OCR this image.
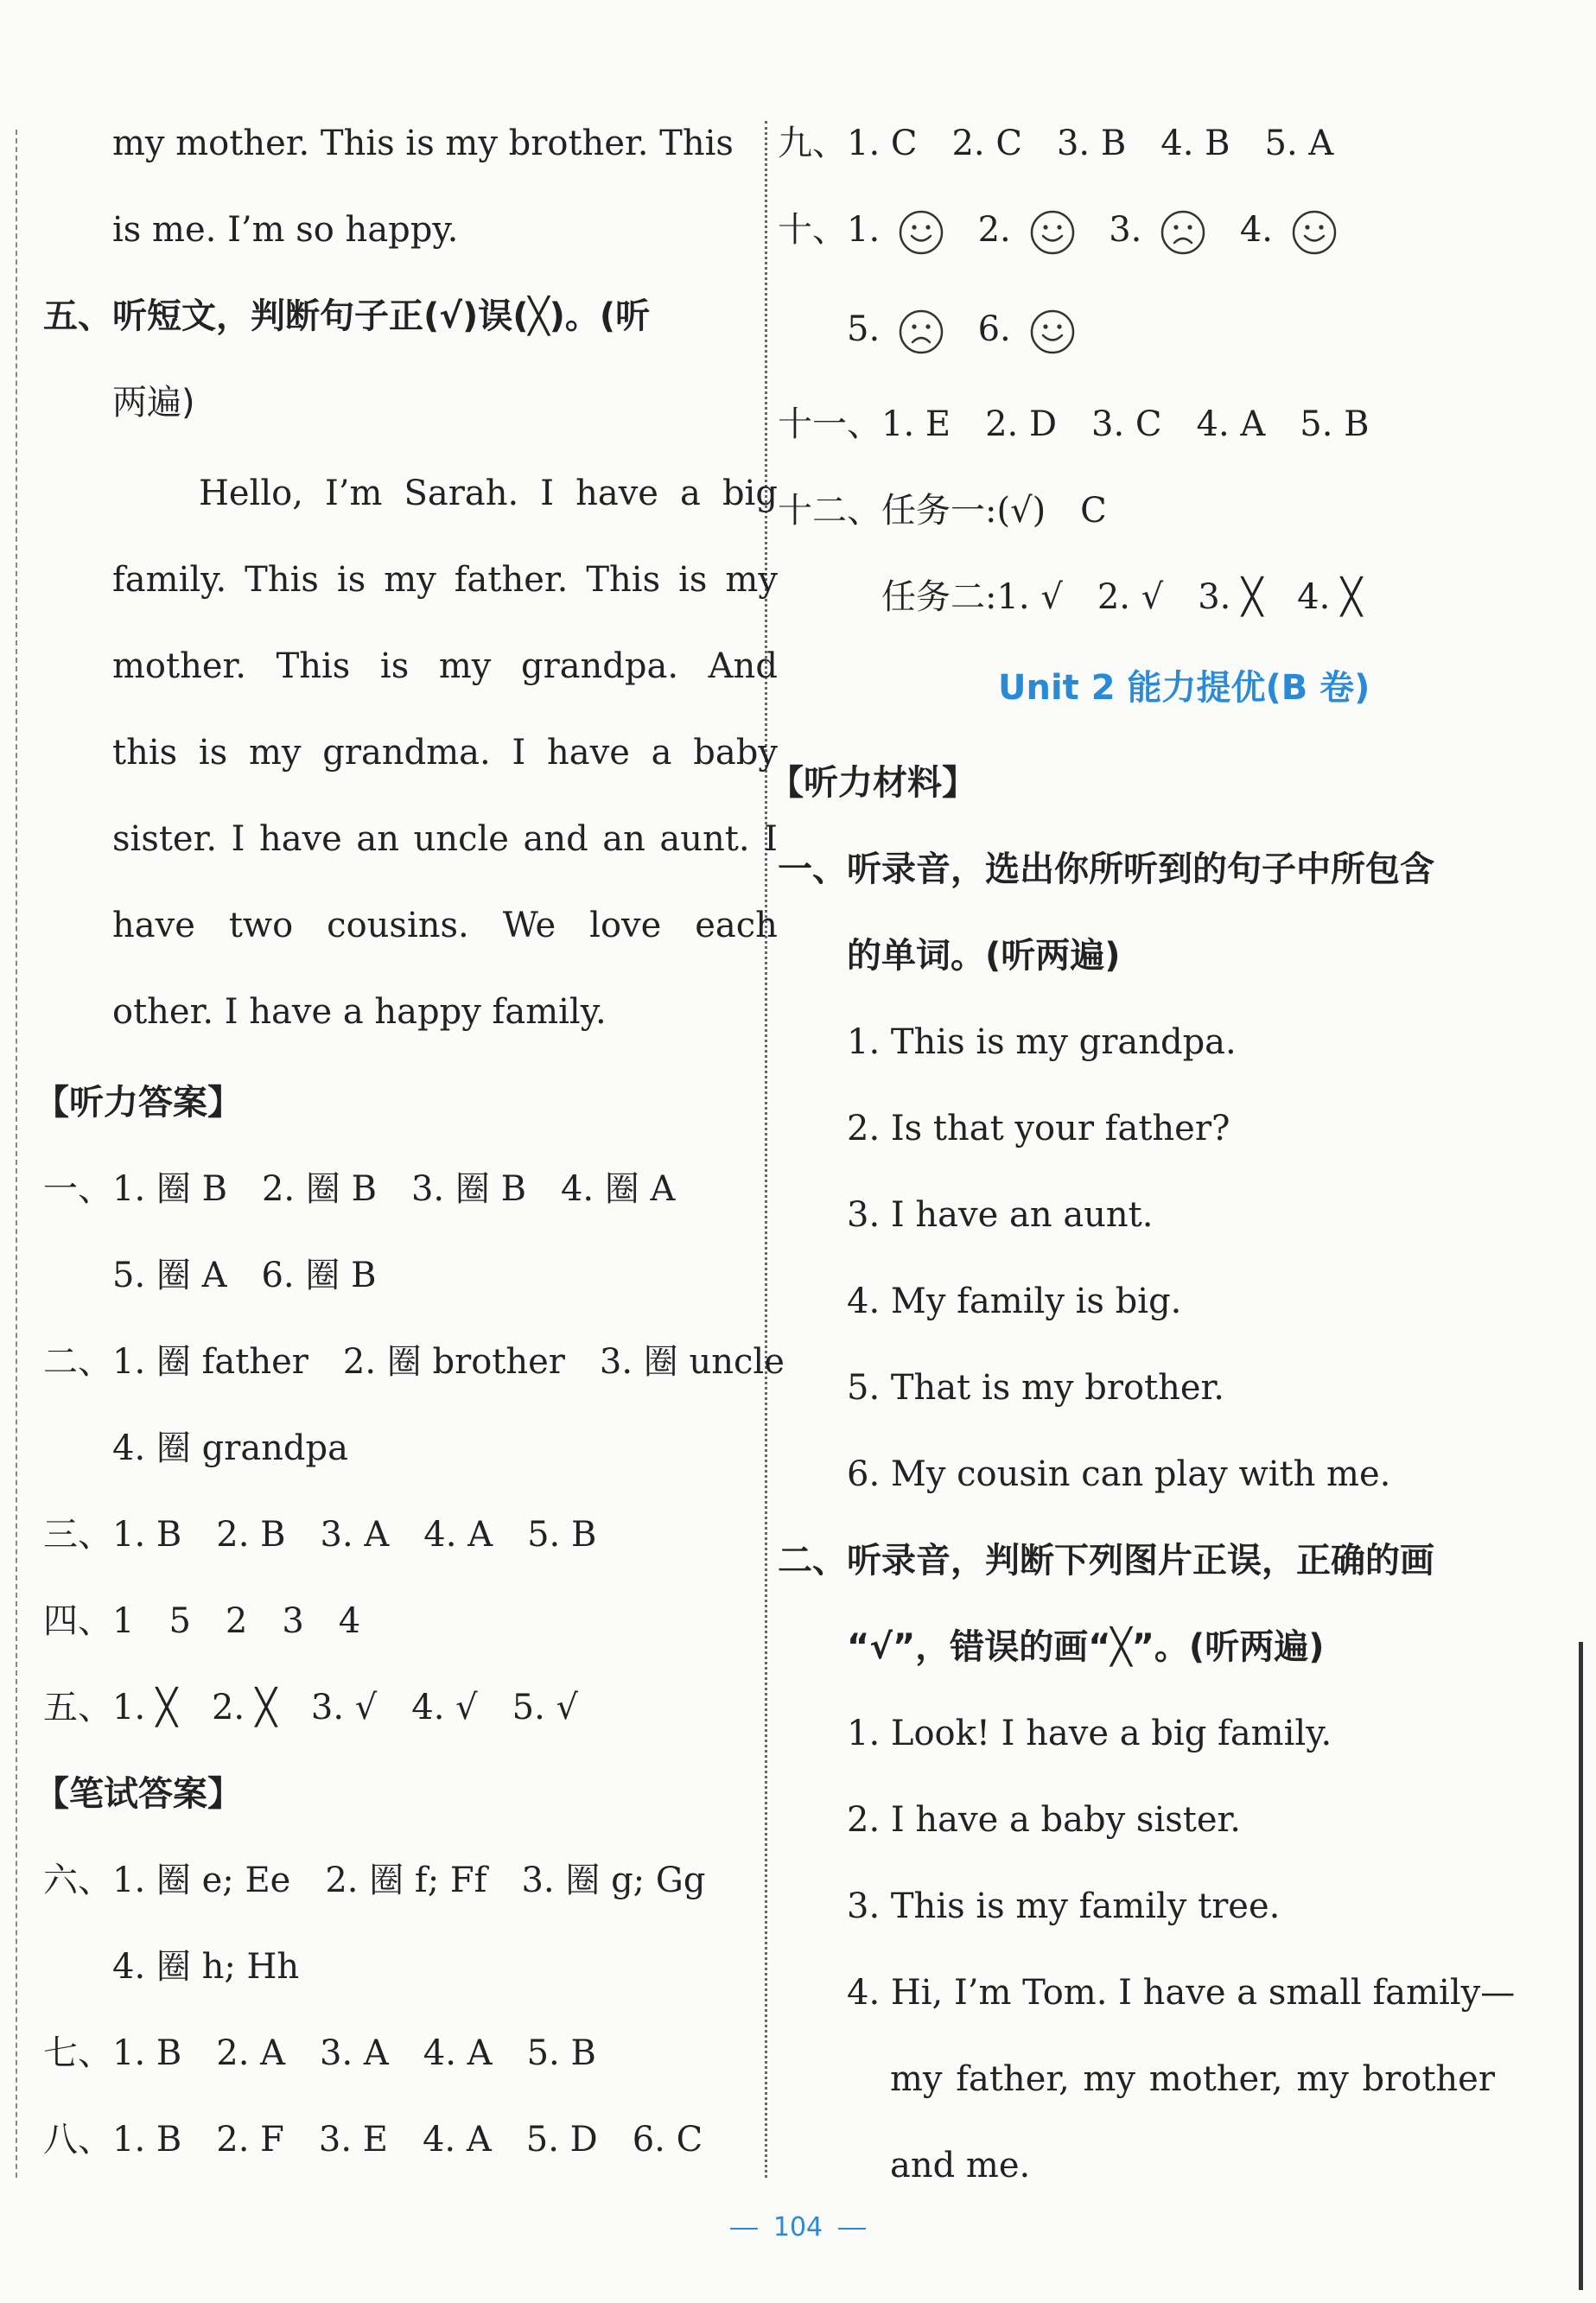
my mother. This is my brother. This
is me. I’m so happy.
五、听短文，判断句子正(√)误(╳)。(听
两遍)
Hello, I’m Sarah. I have a big
family. This is my father. This is my
mother. This is my grandpa. And
this is my grandma. I have a baby
sister. I have an uncle and an aunt. I
have two cousins. We love each
other. I have a happy family.
【听力答案】
一、1. 圈 B　2. 圈 B　3. 圈 B　4. 圈 A
5. 圈 A　6. 圈 B
二、1. 圈 father　2. 圈 brother　3. 圈 uncle
4. 圈 grandpa
三、1. B　2. B　3. A　4. A　5. B
四、1　5　2　3　4
五、1. ╳　2. ╳　3. √　4. √　5. √
【笔试答案】
六、1. 圈 e; Ee　2. 圈 f; Ff　3. 圈 g; Gg
4. 圈 h; Hh
七、1. B　2. A　3. A　4. A　5. B
八、1. B　2. F　3. E　4. A　5. D　6. C
九、1. C　2. C　3. B　4. B　5. A
十、1.	2.	3.	4.
5.	6.
十一、1. E　2. D　3. C　4. A　5. B
十二、任务一:(√)　C
任务二:1. √　2. √　3. ╳　4. ╳
Unit 2 能力提优(B 卷)
【听力材料】
一、听录音，选出你所听到的句子中所包含
的单词。(听两遍)
1. This is my grandpa.
2. Is that your father?
3. I have an aunt.
4. My family is big.
5. That is my brother.
6. My cousin can play with me.
二、听录音，判断下列图片正误，正确的画
“√”，错误的画“╳”。(听两遍)
1. Look! I have a big family.
2. I have a baby sister.
3. This is my family tree.
4. Hi, I’m Tom. I have a small family—
my father, my mother, my brother
and me.
104
